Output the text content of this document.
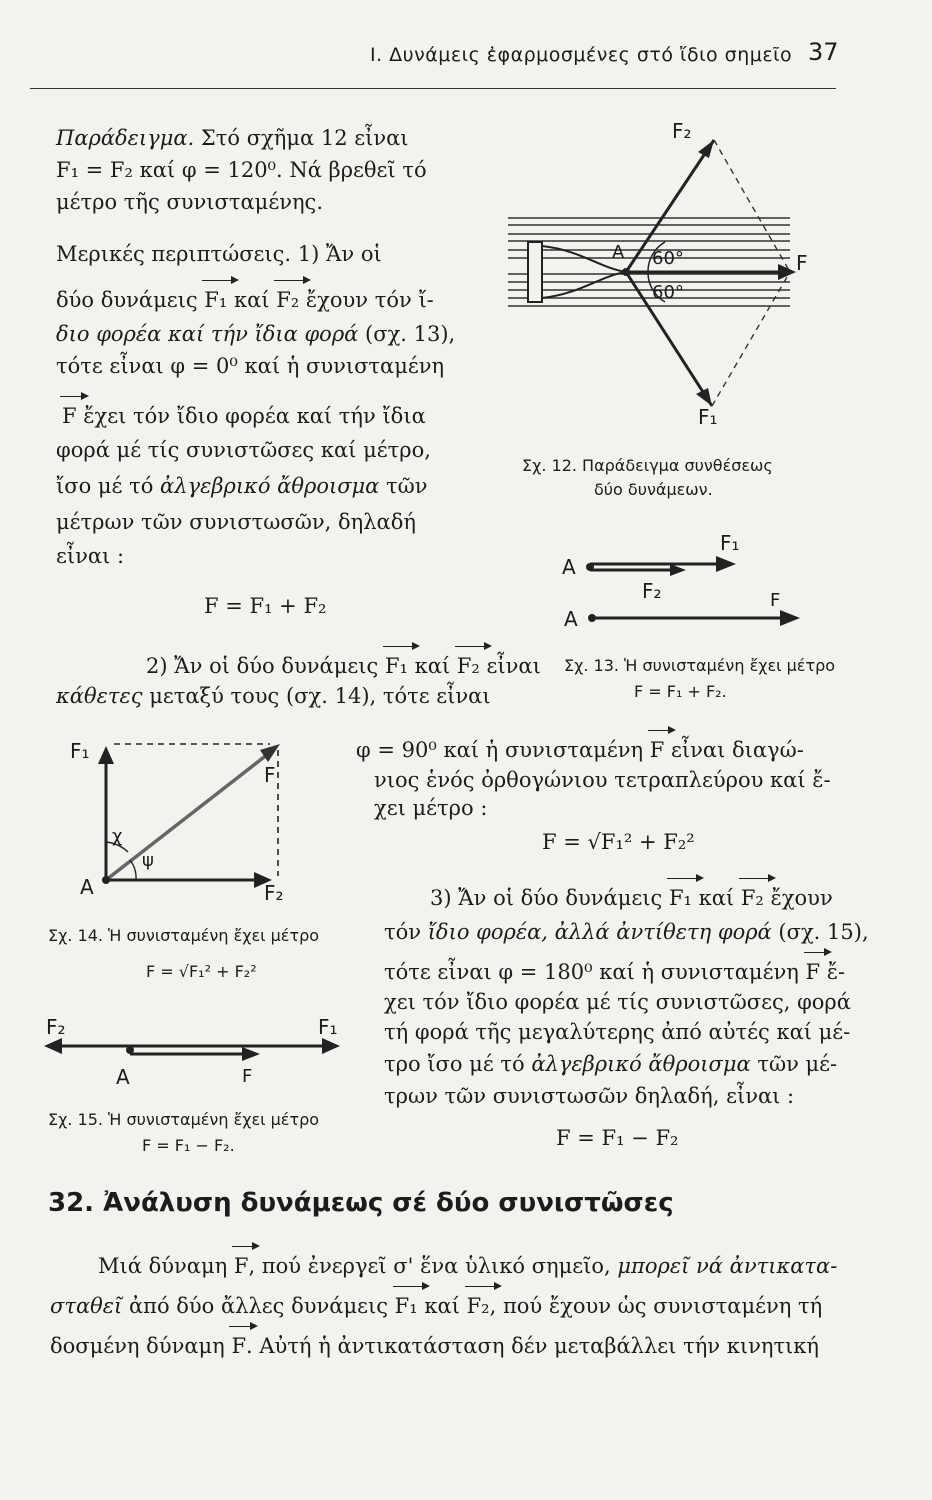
I. Δυνάμεις ἐφαρμοσμένες στό ἴδιο σημεῖο 37
Παράδειγμα. Στό σχῆμα 12 εἶναι
F₁ = F₂ καί φ = 120⁰. Νά βρεθεῖ τό
μέτρο τῆς συνισταμένης.
Μερικές περιπτώσεις. 1) Ἄν οἱ
δύο δυνάμεις F₁ καί F₂ ἔχουν τόν ἴ-
διο φορέα καί τήν ἴδια φορά (σχ. 13),
τότε εἶναι φ = 0⁰ καί ἡ συνισταμένη
F ἔχει τόν ἴδιο φορέα καί τήν ἴδια
φορά μέ τίς συνιστῶσες καί μέτρο,
ἴσο μέ τό ἀλγεβρικό ἄθροισμα τῶν
μέτρων τῶν συνιστωσῶν, δηλαδή
εἶναι :
F = F₁ + F₂
2) Ἄν οἱ δύο δυνάμεις F₁ καί F₂ εἶναι
κάθετες μεταξύ τους (σχ. 14), τότε εἶναι
φ = 90⁰ καί ἡ συνισταμένη F εἶναι διαγώ-
νιος ἑνός ὀρθογώνιου τετραπλεύρου καί ἔ-
χει μέτρο :
F = √F₁² + F₂²
3) Ἄν οἱ δύο δυνάμεις F₁ καί F₂ ἔχουν
τόν ἴδιο φορέα, ἀλλά ἀντίθετη φορά (σχ. 15),
τότε εἶναι φ = 180⁰ καί ἡ συνισταμένη F ἔ-
χει τόν ἴδιο φορέα μέ τίς συνιστῶσες, φορά
τή φορά τῆς μεγαλύτερης ἀπό αὐτές καί μέ-
τρο ἴσο μέ τό ἀλγεβρικό ἄθροισμα τῶν μέ-
τρων τῶν συνιστωσῶν δηλαδή, εἶναι :
F = F₁ − F₂
F₂
F₁
F
A 60°
60°
Σχ. 12. Παράδειγμα συνθέσεως
δύο δυνάμεων.
A
A
F₁
F₂	F
Σχ. 13. Ἡ συνισταμένη ἔχει μέτρο
F = F₁ + F₂.
F₁
F₂
F
A
χ
ψ
Σχ. 14. Ἡ συνισταμένη ἔχει μέτρο
F = √F₁² + F₂²
F₂	F₁
A	F
Σχ. 15. Ἡ συνισταμένη ἔχει μέτρο
F = F₁ − F₂.
32. Ἀνάλυση δυνάμεως σέ δύο συνιστῶσες
Μιά δύναμη F, πού ἐνεργεῖ σ' ἕνα ὑλικό σημεῖο, μπορεῖ νά ἀντικατα-
σταθεῖ ἀπό δύο ἄλλες δυνάμεις F₁ καί F₂, πού ἔχουν ὡς συνισταμένη τή
δοσμένη δύναμη F. Αὐτή ἡ ἀντικατάσταση δέν μεταβάλλει τήν κινητική
